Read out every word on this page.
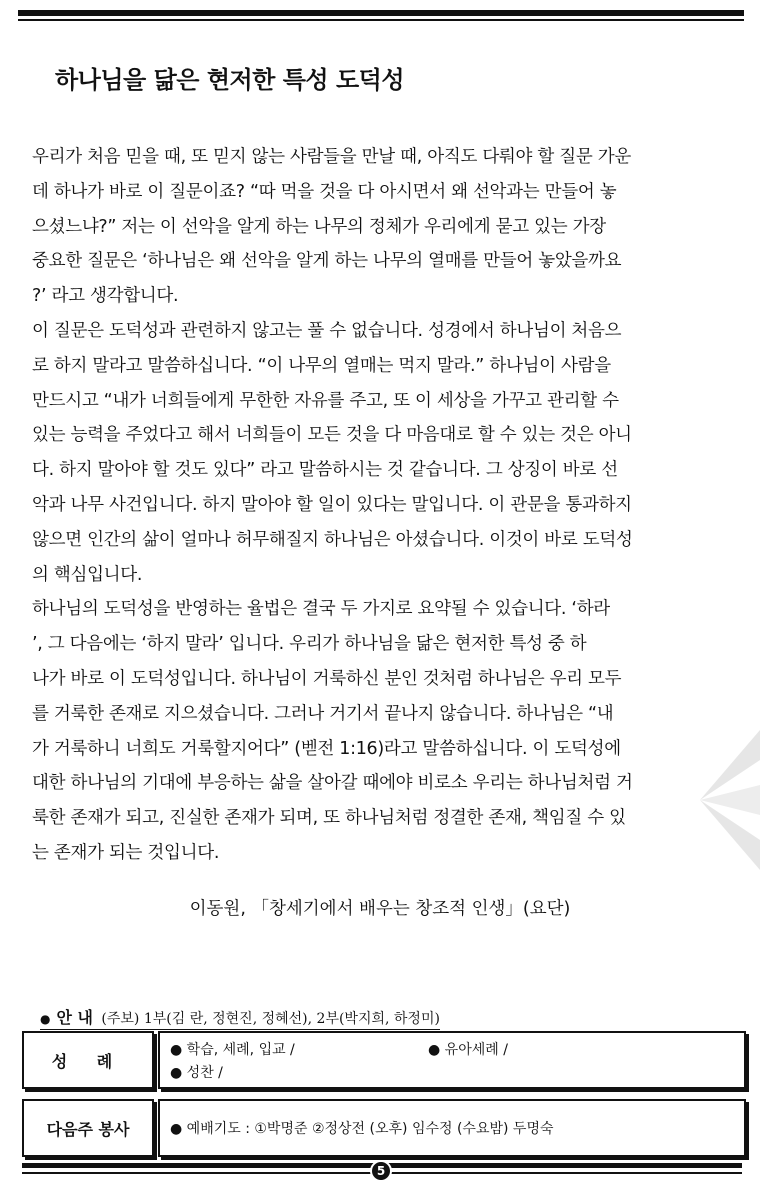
하나님을 닮은 현저한 특성 도덕성

우리가 처음 믿을 때, 또 믿지 않는 사람들을 만날 때, 아직도 다뤄야 할 질문 가운

데 하나가 바로 이 질문이죠? “따 먹을 것을 다 아시면서 왜 선악과는 만들어 놓

으셨느냐?” 저는 이 선악을 알게 하는 나무의 정체가 우리에게 묻고 있는 가장

중요한 질문은 ‘하나님은 왜 선악을 알게 하는 나무의 열매를 만들어 놓았을까요

?’ 라고 생각합니다.

이 질문은 도덕성과 관련하지 않고는 풀 수 없습니다. 성경에서 하나님이 처음으

로 하지 말라고 말씀하십니다. “이 나무의 열매는 먹지 말라.” 하나님이 사람을

만드시고 “내가 너희들에게 무한한 자유를 주고, 또 이 세상을 가꾸고 관리할 수

있는 능력을 주었다고 해서 너희들이 모든 것을 다 마음대로 할 수 있는 것은 아니

다. 하지 말아야 할 것도 있다” 라고 말씀하시는 것 같습니다. 그 상징이 바로 선

악과 나무 사건입니다. 하지 말아야 할 일이 있다는 말입니다. 이 관문을 통과하지

않으면 인간의 삶이 얼마나 허무해질지 하나님은 아셨습니다. 이것이 바로 도덕성

의 핵심입니다.

하나님의 도덕성을 반영하는 율법은 결국 두 가지로 요약될 수 있습니다. ‘하라

’, 그 다음에는 ‘하지 말라’ 입니다. 우리가 하나님을 닮은 현저한 특성 중 하

나가 바로 이 도덕성입니다. 하나님이 거룩하신 분인 것처럼 하나님은 우리 모두

를 거룩한 존재로 지으셨습니다. 그러나 거기서 끝나지 않습니다. 하나님은 “내

가 거룩하니 너희도 거룩할지어다” (벧전 1:16)라고 말씀하십니다. 이 도덕성에

대한 하나님의 기대에 부응하는 삶을 살아갈 때에야 비로소 우리는 하나님처럼 거

룩한 존재가 되고, 진실한 존재가 되며, 또 하나님처럼 정결한 존재, 책임질 수 있

는 존재가 되는 것입니다.

이동원, 「창세기에서 배우는 창조적 인생」(요단)
● 안 내 (주보) 1부(김 란, 정현진, 정혜선), 2부(박지희, 하정미)
성 례
● 학습, 세례, 입교 /	● 유아세례 /
● 성찬 /
다음주 봉사	● 예배기도 : ①박명준 ②정상전 (오후) 임수정 (수요밤) 두명숙
5
